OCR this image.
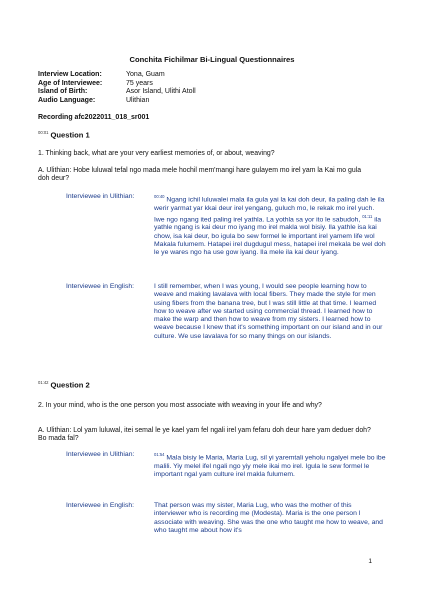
Conchita Fichilmar Bi-Lingual Questionnaires
Interview Location:	Yona, Guam
Age of Interviewee:	75 years
Island of Birth:	Asor Island, Ulithi Atoll
Audio Language:	Ulithian
Recording afc2022011_018_sr001
$^{00:01}$ Question 1
1. Thinking back, what are your very earliest memories of, or about, weaving?
A. Ulithian: Hobe luluwal tefal ngo mada mele hochil mem'mangi hare gulayem mo irel yam la Kai mo gula doh deur?
Interviewee in Ulithian:	$^{00:40}$ Ngang ichil luluwalei mala ila gula yai la kai doh deur, ila paling dah le ila werir yarmat yar kkai deur irel yengang, guluch mo, le rekak mo irel yuch. Iwe ngo ngang ited paling irel yathla. La yothla sa yor ito le sabudoh, $^{01:11}$ ila yathle ngang is kai deur mo iyang mo irel makla wol bisiy. Ila yathle isa kai chow, isa kai deur, bo igula bo sew formel le important irel yamem life wol Makala fulumem. Hatapei irel dugdugul mess, hatapei irel mekala be wel doh le ye wares ngo ha use gow iyang. Ila mele ila kai deur iyang.
Interviewee in English:	I still remember, when I was young, I would see people learning how to weave and making lavalava with local fibers. They made the style for men using fibers from the banana tree, but I was still little at that time. I learned how to weave after we started using commercial thread. I learned how to make the warp and then how to weave from my sisters. I learned how to weave because I knew that it's something important on our island and in our culture. We use lavalava for so many things on our islands.
$^{01:42}$ Question 2
2. In your mind, who is the one person you most associate with weaving in your life and why?
A. Ulithian: Lol yam luluwal, itei semal le ye kael yam fel ngali irel yam fefaru doh deur hare yam deduer doh? Bo mada fal?
Interviewee in Ulithian:	$^{01:54}$ Mala bisiy le Maria, Maria Lug, sil yi yaremtali yeholu ngalyei mele bo ibe malili. Yiy melel ifel ngali ngo yiy mele ikai mo irel. Igula le sew formel le important ngal yam culture irel makla fulumem.
Interviewee in English:	That person was my sister, Maria Lug, who was the mother of this interviewer who is recording me (Modesta). Maria is the one person I associate with weaving. She was the one who taught me how to weave, and who taught me about how it's
1
